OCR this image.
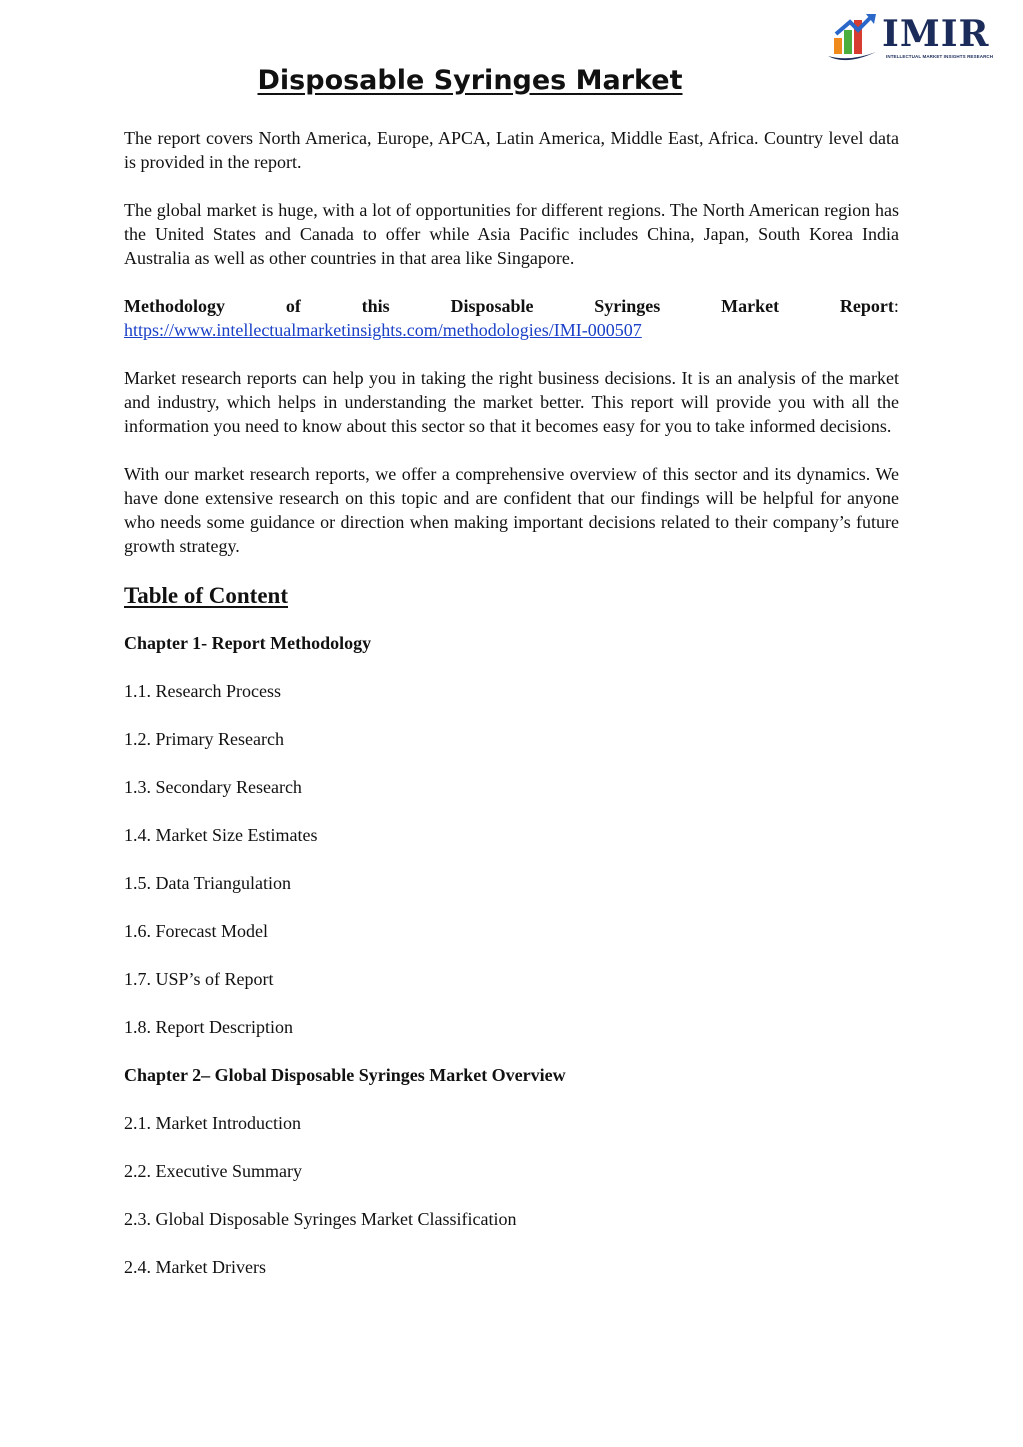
IMIR
INTELLECTUAL MARKET INSIGHTS RESEARCH
Disposable Syringes Market

The report covers North America, Europe, APCA, Latin America, Middle East, Africa. Country level data is provided in the report.

The global market is huge, with a lot of opportunities for different regions. The North American region has the United States and Canada to offer while Asia Pacific includes China, Japan, South Korea India Australia as well as other countries in that area like Singapore.

Methodology	of	this	Disposable	Syringes	Market	Report:
https://www.intellectualmarketinsights.com/methodologies/IMI-000507

Market research reports can help you in taking the right business decisions. It is an analysis of the market and industry, which helps in understanding the market better. This report will provide you with all the information you need to know about this sector so that it becomes easy for you to take informed decisions.

With our market research reports, we offer a comprehensive overview of this sector and its dynamics. We have done extensive research on this topic and are confident that our findings will be helpful for anyone who needs some guidance or direction when making important decisions related to their company’s future growth strategy.

Table of Content
Chapter 1- Report Methodology
1.1. Research Process
1.2. Primary Research
1.3. Secondary Research
1.4. Market Size Estimates
1.5. Data Triangulation
1.6. Forecast Model
1.7. USP’s of Report
1.8. Report Description
Chapter 2– Global Disposable Syringes Market Overview
2.1. Market Introduction
2.2. Executive Summary
2.3. Global Disposable Syringes Market Classification
2.4. Market Drivers
